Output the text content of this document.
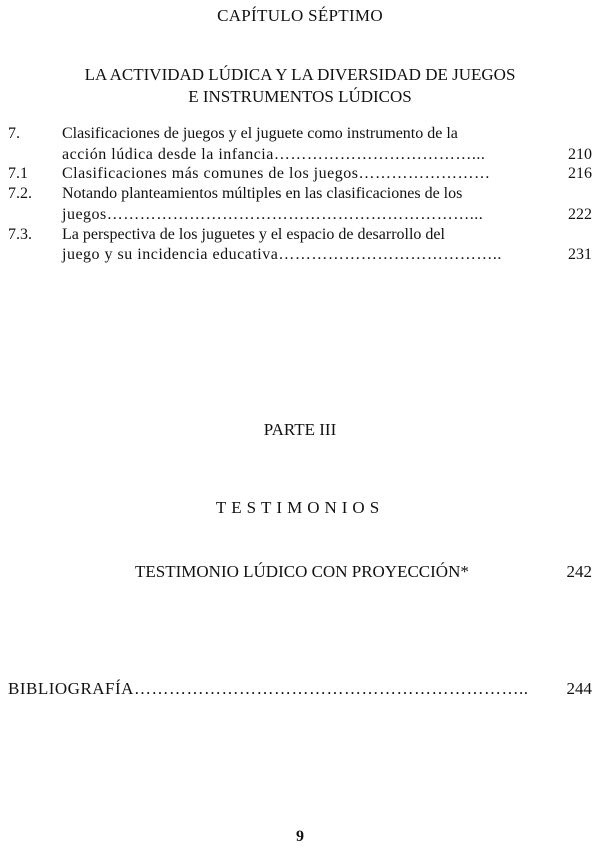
CAPÍTULO SÉPTIMO
LA ACTIVIDAD LÚDICA Y LA DIVERSIDAD DE JUEGOS
E INSTRUMENTOS LÚDICOS
7.	Clasificaciones de juegos y el juguete como instrumento de la
acción lúdica desde la infancia………………………………...	210
7.1 Clasificaciones más comunes de los juegos……………………	216
7.2. Notando planteamientos múltiples en las clasificaciones de los
juegos…………………………………………………………...	222
7.3. La perspectiva de los juguetes y el espacio de desarrollo del
juego y su incidencia educativa…………………………………..	231
PARTE III
TESTIMONIOS
TESTIMONIO LÚDICO CON PROYECCIÓN*	242
BIBLIOGRAFÍA………………………………………………………….. 244
9
